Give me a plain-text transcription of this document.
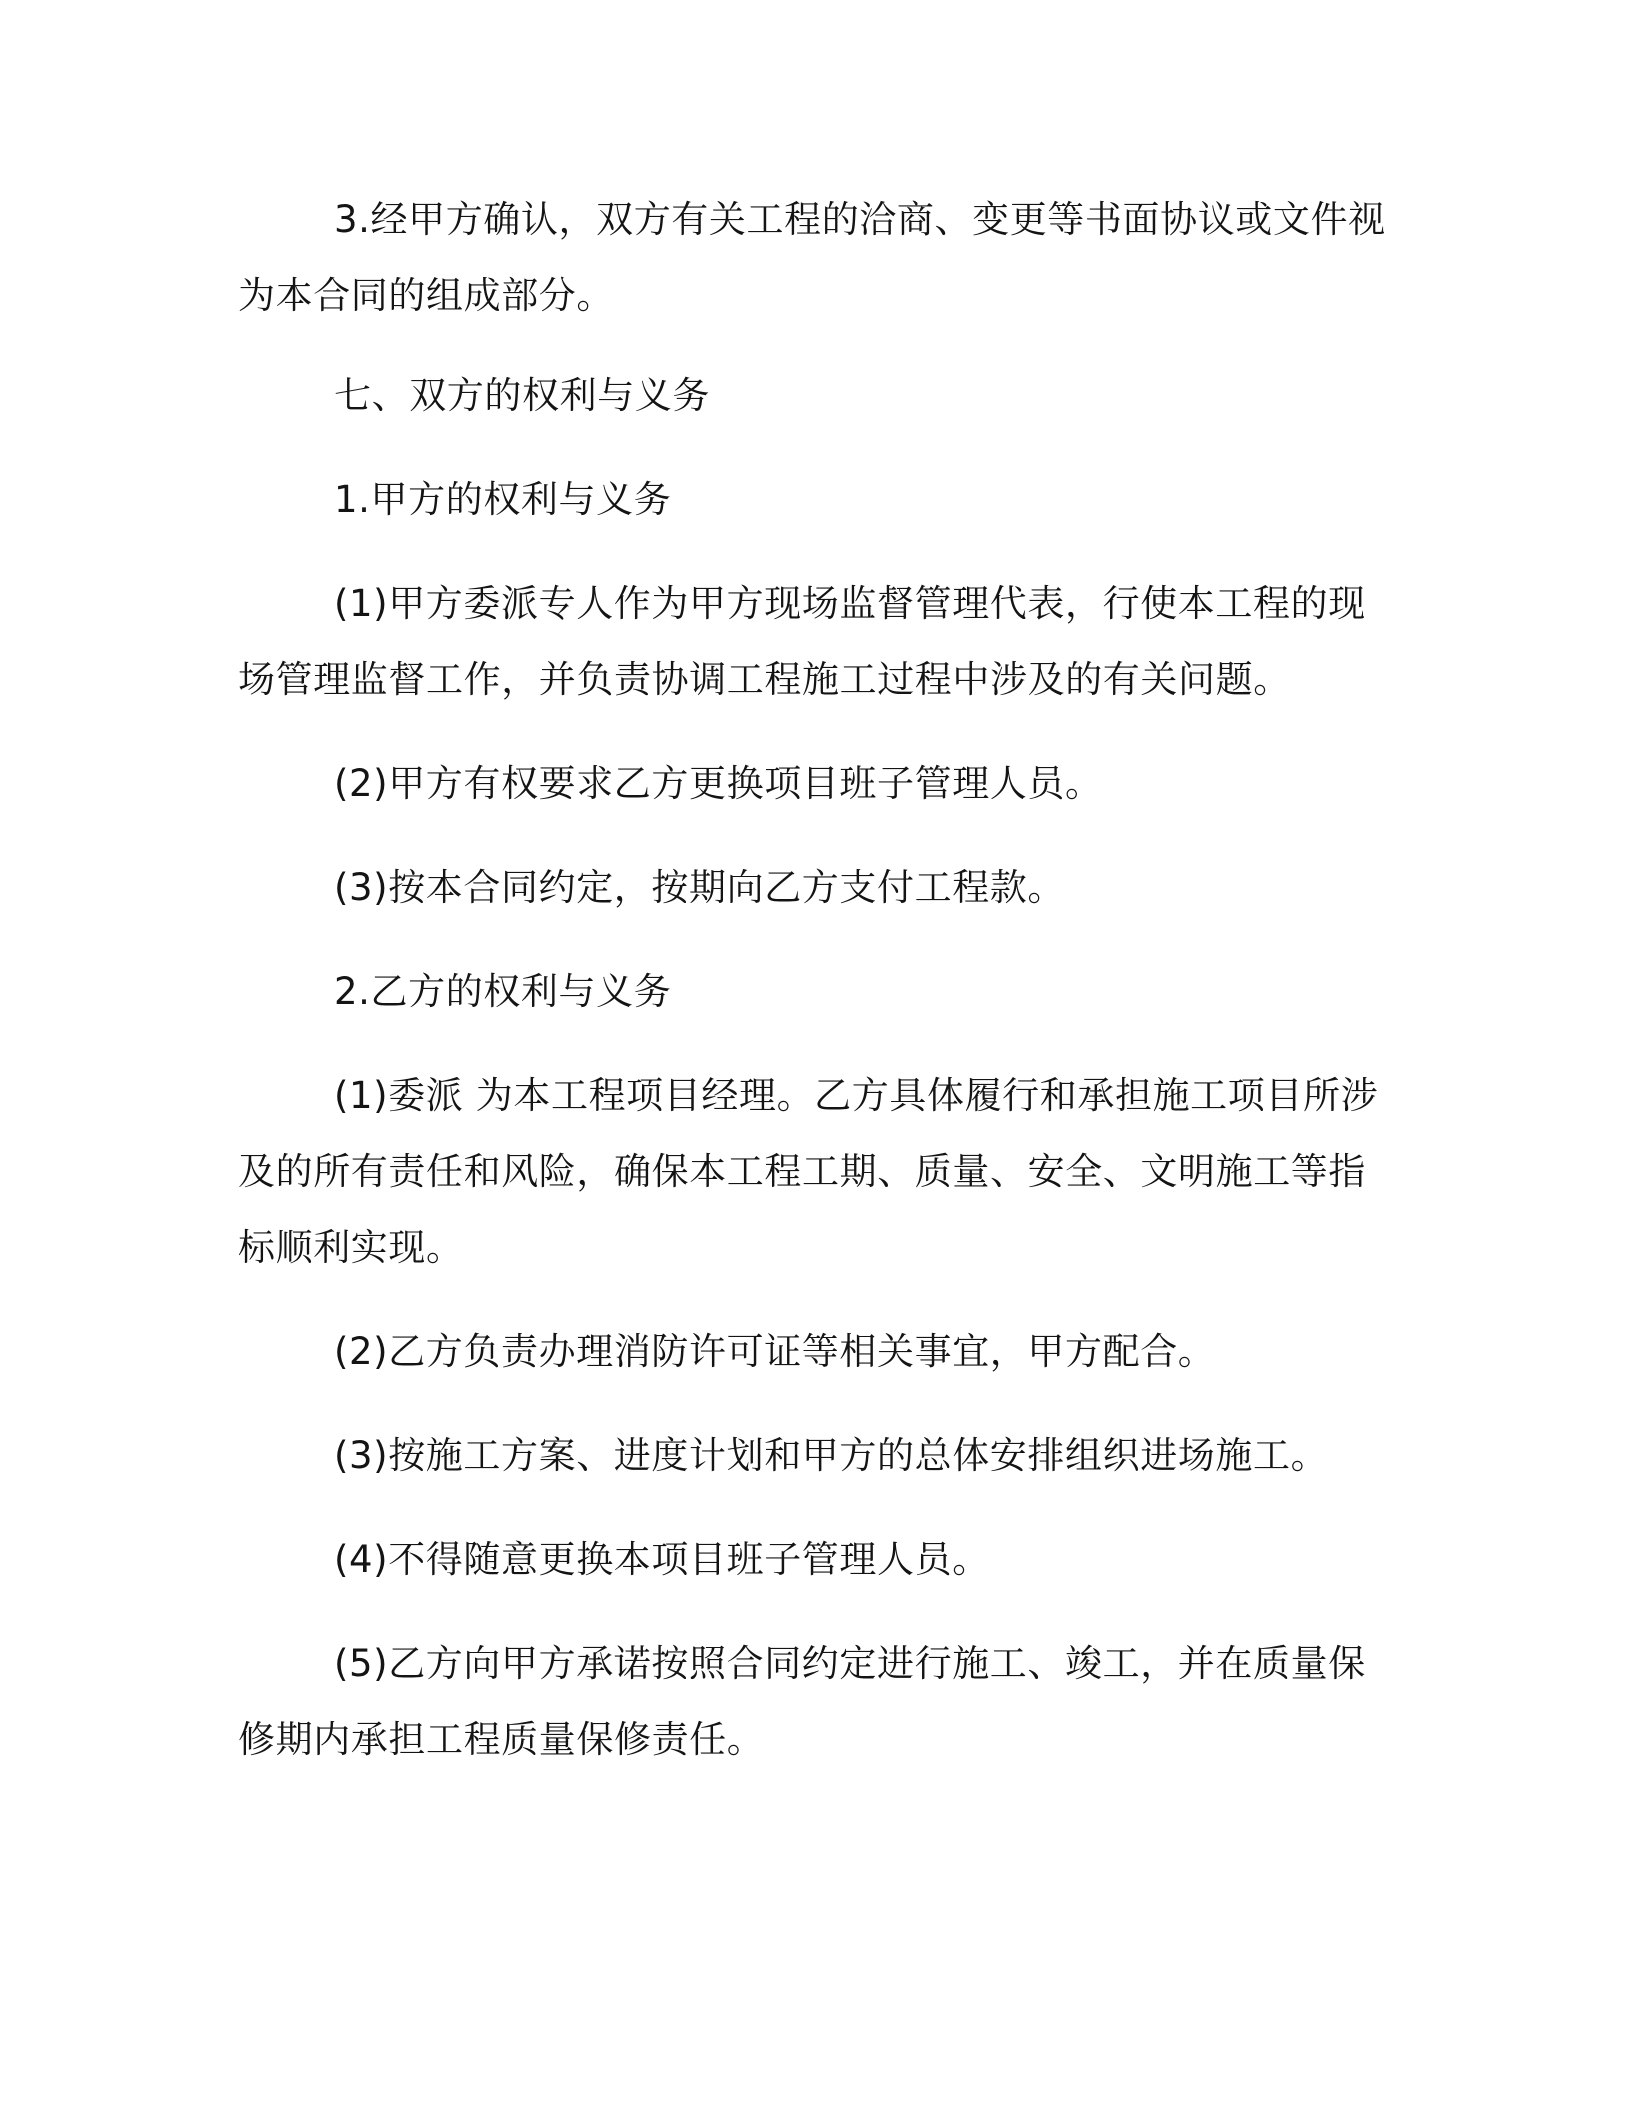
3.经甲方确认，双方有关工程的洽商、变更等书面协议或文件视
为本合同的组成部分。
七、双方的权利与义务
1.甲方的权利与义务
(1)甲方委派专人作为甲方现场监督管理代表，行使本工程的现
场管理监督工作，并负责协调工程施工过程中涉及的有关问题。
(2)甲方有权要求乙方更换项目班子管理人员。
(3)按本合同约定，按期向乙方支付工程款。
2.乙方的权利与义务
(1)委派 为本工程项目经理。乙方具体履行和承担施工项目所涉
及的所有责任和风险，确保本工程工期、质量、安全、文明施工等指
标顺利实现。
(2)乙方负责办理消防许可证等相关事宜，甲方配合。
(3)按施工方案、进度计划和甲方的总体安排组织进场施工。
(4)不得随意更换本项目班子管理人员。
(5)乙方向甲方承诺按照合同约定进行施工、竣工，并在质量保
修期内承担工程质量保修责任。
